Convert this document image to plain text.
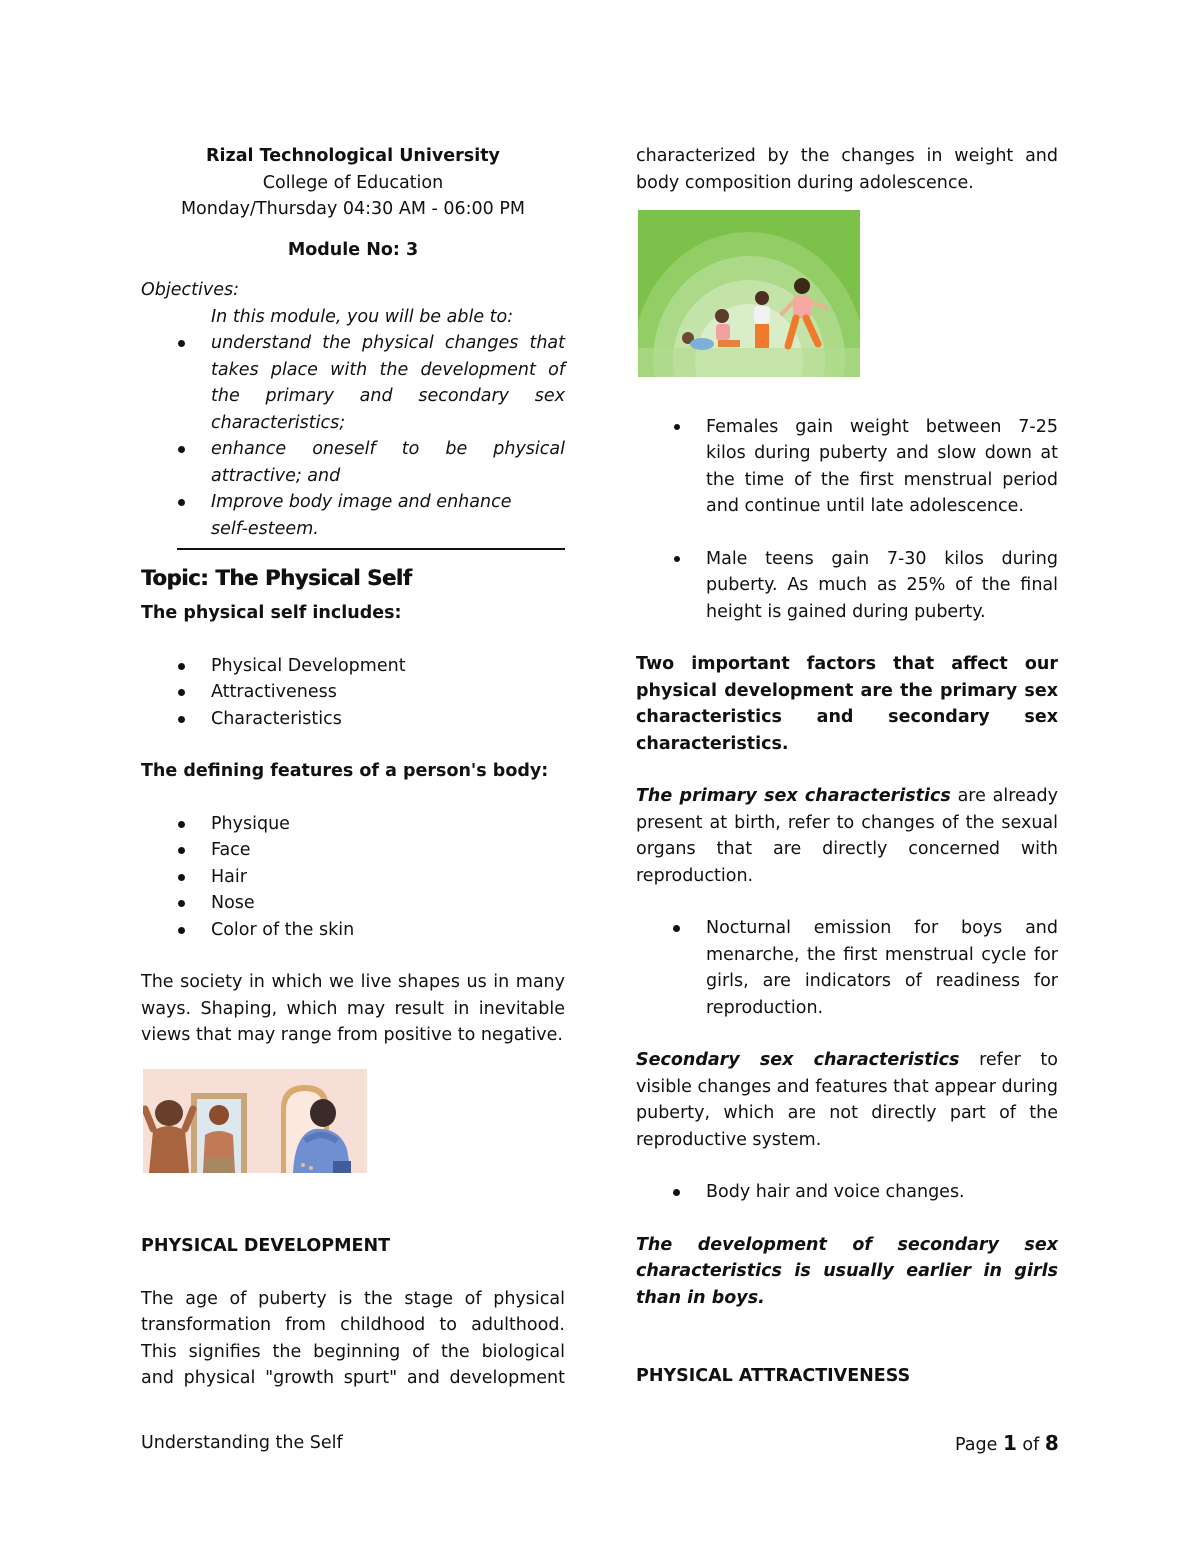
Rizal Technological University

College of Education

Monday/Thursday 04:30 AM - 06:00 PM

Module No: 3

Objectives:

In this module, you will be able to:

understand the physical changes that takes place with the development of the primary and secondary sex characteristics;
enhance oneself to be physical attractive; and
Improve body image and enhance self-esteem.

Topic: The Physical Self

The physical self includes:

Physical Development
Attractiveness
Characteristics

The defining features of a person's body:

Physique
Face
Hair
Nose
Color of the skin

The society in which we live shapes us in many ways. Shaping, which may result in inevitable views that may range from positive to negative.

PHYSICAL DEVELOPMENT

The age of puberty is the stage of physical transformation from childhood to adulthood. This signifies the beginning of the biological and physical "growth spurt" and development

characterized by the changes in weight and body composition during adolescence.

Females gain weight between 7-25 kilos during puberty and slow down at the time of the first menstrual period and continue until late adolescence.
Male teens gain 7-30 kilos during puberty. As much as 25% of the final height is gained during puberty.

Two important factors that affect our physical development are the primary sex characteristics and secondary sex characteristics.

The primary sex characteristics are already present at birth, refer to changes of the sexual organs that are directly concerned with reproduction.

Nocturnal emission for boys and menarche, the first menstrual cycle for girls, are indicators of readiness for reproduction.

Secondary sex characteristics refer to visible changes and features that appear during puberty, which are not directly part of the reproductive system.

Body hair and voice changes.

The development of secondary sex characteristics is usually earlier in girls than in boys.

PHYSICAL ATTRACTIVENESS

Understanding the Self	Page 1 of 8
